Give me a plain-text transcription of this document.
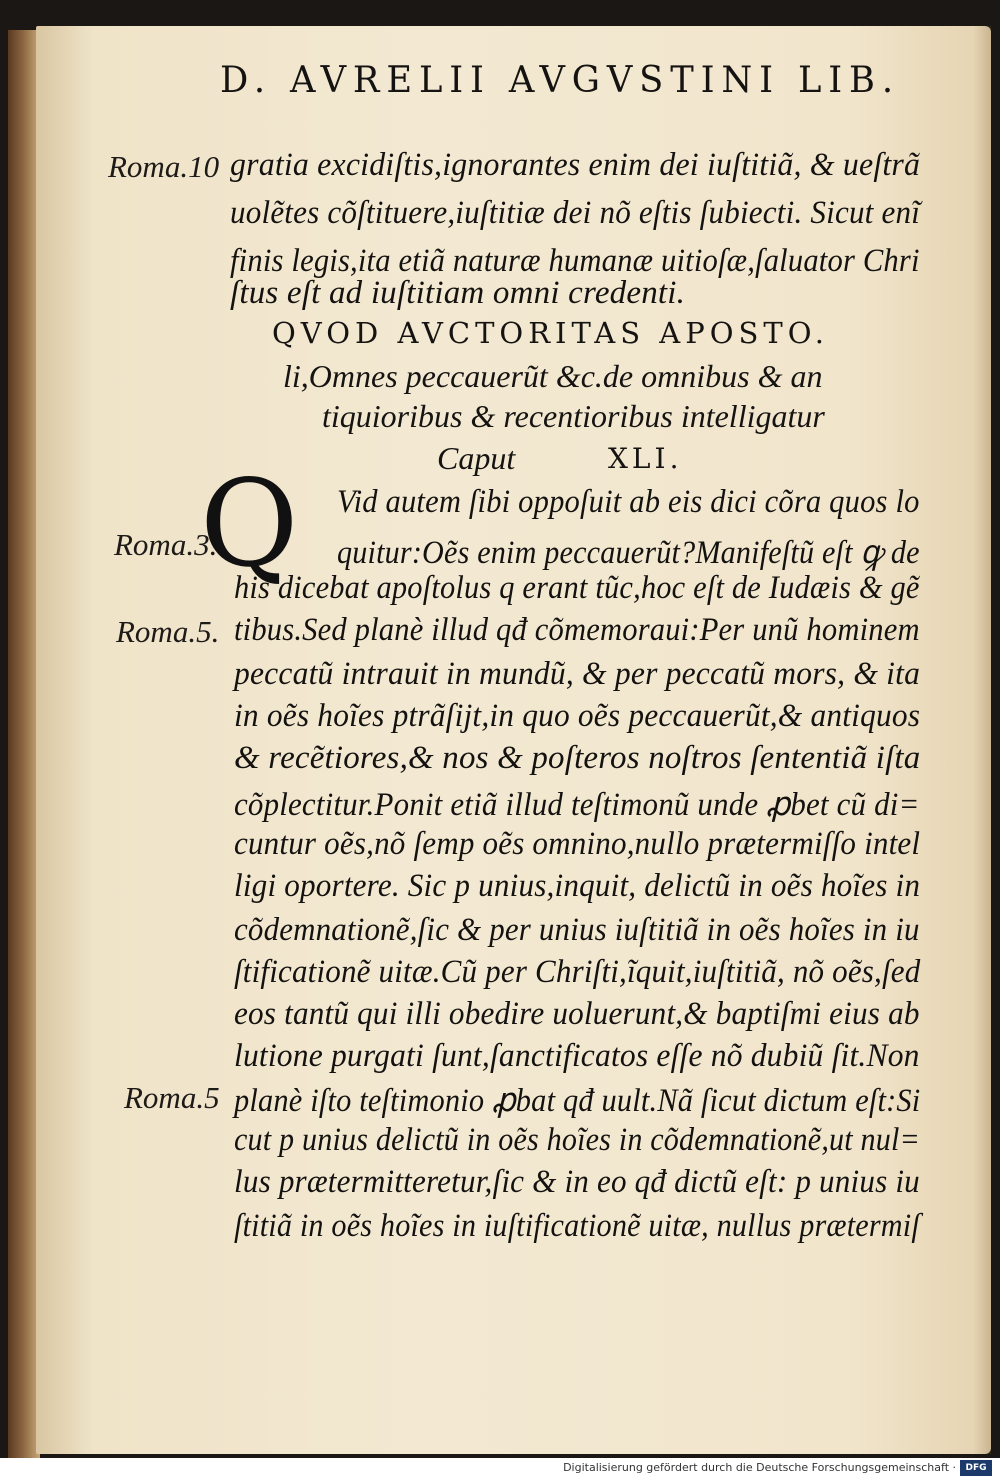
D. AVRELII AVGVSTINI LIB.
Roma.10 gratia excidiſtis,ignorantes enim dei iuſtitiã, & ueſtrã
uolẽtes cõſtituere,iuſtitiæ dei nõ eſtis ſubiecti. Sicut enĩ
finis legis,ita etiã naturæ humanæ uitioſæ,ſaluator Chri
ſtus eſt ad iuſtitiam omni credenti.
QVOD AVCTORITAS APOSTO.
li,Omnes peccauerũt &c.de omnibus & an
tiquioribus & recentioribus intelligatur
Caput	XLI.
Q
Roma.3.
Roma.5.
Roma.5
Vid autem ſibi oppoſuit ab eis dici cõra quos lo
quitur:Oẽs enim peccauerũt?Manifeſtũ eſt ꝙ de
his dicebat apoſtolus q erant tũc,hoc eſt de Iudæis & gẽ
tibus.Sed planè illud qđ cõmemoraui:Per unũ hominem
peccatũ intrauit in mundũ, & per peccatũ mors, & ita
in oẽs hoĩes ptrãſijt,in quo oẽs peccauerũt,& antiquos
& recẽtiores,& nos & poſteros noſtros ſententiã iſta
cõplectitur.Ponit etiã illud teſtimonũ unde ꝓbet cũ di=
cuntur oẽs,nõ ſemp oẽs omnino,nullo prætermiſſo intel
ligi oportere. Sic p unius,inquit, delictũ in oẽs hoĩes in
cõdemnationẽ,ſic & per unius iuſtitiã in oẽs hoĩes in iu
ſtificationẽ uitæ.Cũ per Chriſti,ĩquit,iuſtitiã, nõ oẽs,ſed
eos tantũ qui illi obedire uoluerunt,& baptiſmi eius ab
lutione purgati ſunt,ſanctificatos eſſe nõ dubiũ ſit.Non
planè iſto teſtimonio ꝓbat qđ uult.Nã ſicut dictum eſt:Si
cut p unius delictũ in oẽs hoĩes in cõdemnationẽ,ut nul=
lus prætermitteretur,ſic & in eo qđ dictũ eſt: p unius iu
ſtitiã in oẽs hoĩes in iuſtificationẽ uitæ, nullus prætermiſ
Digitalisierung gefördert durch die Deutsche Forschungsgemeinschaft ·	DFG
